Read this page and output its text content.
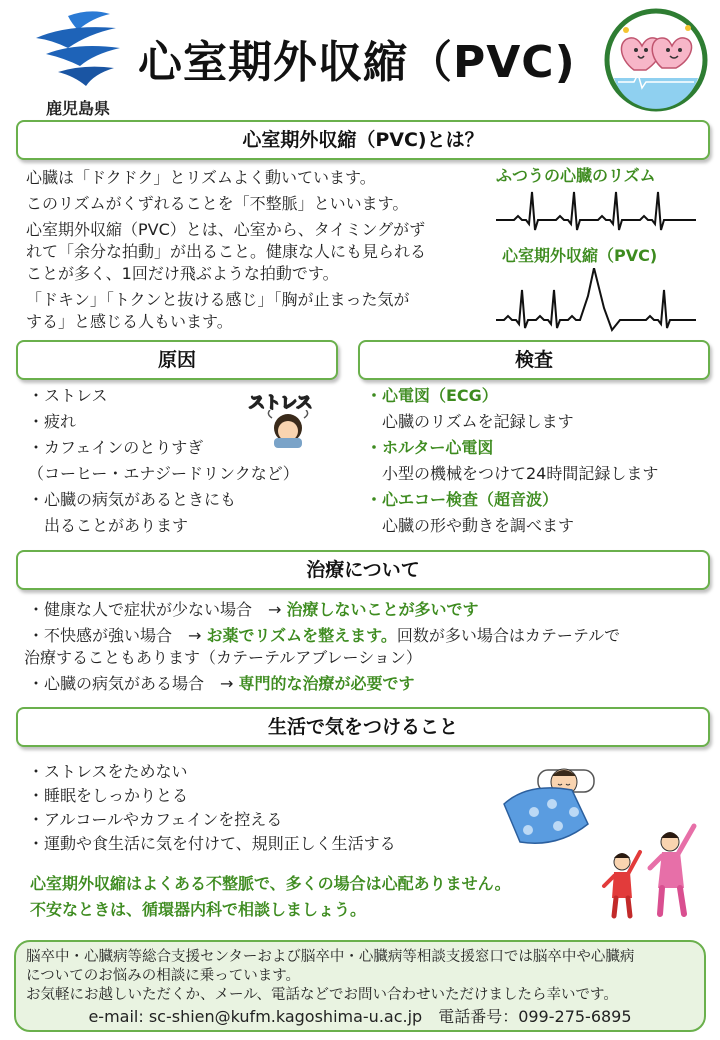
鹿児島県
心室期外収縮（PVC)
心室期外収縮（PVC)とは？
心臓は「ドクドク」とリズムよく動いています。
このリズムがくずれることを「不整脈」といいます。
心室期外収縮（PVC）とは、心室から、タイミングがず
れて「余分な拍動」が出ること。健康な人にも見られる
ことが多く、1回だけ飛ぶような拍動です。
「ドキン」「トクンと抜ける感じ」「胸が止まった気が
する」と感じる人もいます。
ふつうの心臓のリズム
心室期外収縮（PVC)
原因
・ストレス
・疲れ
・カフェインのとりすぎ
（コーヒー・エナジードリンクなど）
・心臓の病気があるときにも
　出ることがあります
ストレス
検査
・心電図（ECG）
心臓のリズムを記録します
・ホルター心電図
小型の機械をつけて24時間記録します
・心エコー検査（超音波）
心臓の形や動きを調べます
治療について
・健康な人で症状が少ない場合　→ 治療しないことが多いです
・不快感が強い場合　→ お薬でリズムを整えます。回数が多い場合はカテーテルで
治療することもあります（カテーテルアブレーション）
・心臓の病気がある場合　→ 専門的な治療が必要です
生活で気をつけること
・ストレスをためない
・睡眠をしっかりとる
・アルコールやカフェインを控える
・運動や食生活に気を付けて、規則正しく生活する
心室期外収縮はよくある不整脈で、多くの場合は心配ありません。
不安なときは、循環器内科で相談しましょう。
脳卒中・心臓病等総合支援センターおよび脳卒中・心臓病等相談支援窓口では脳卒中や心臓病
についてのお悩みの相談に乗っています。
お気軽にお越しいただくか、メール、電話などでお問い合わせいただけましたら幸いです。
e-mail: sc-shien@kufm.kagoshima-u.ac.jp　電話番号：099-275-6895
